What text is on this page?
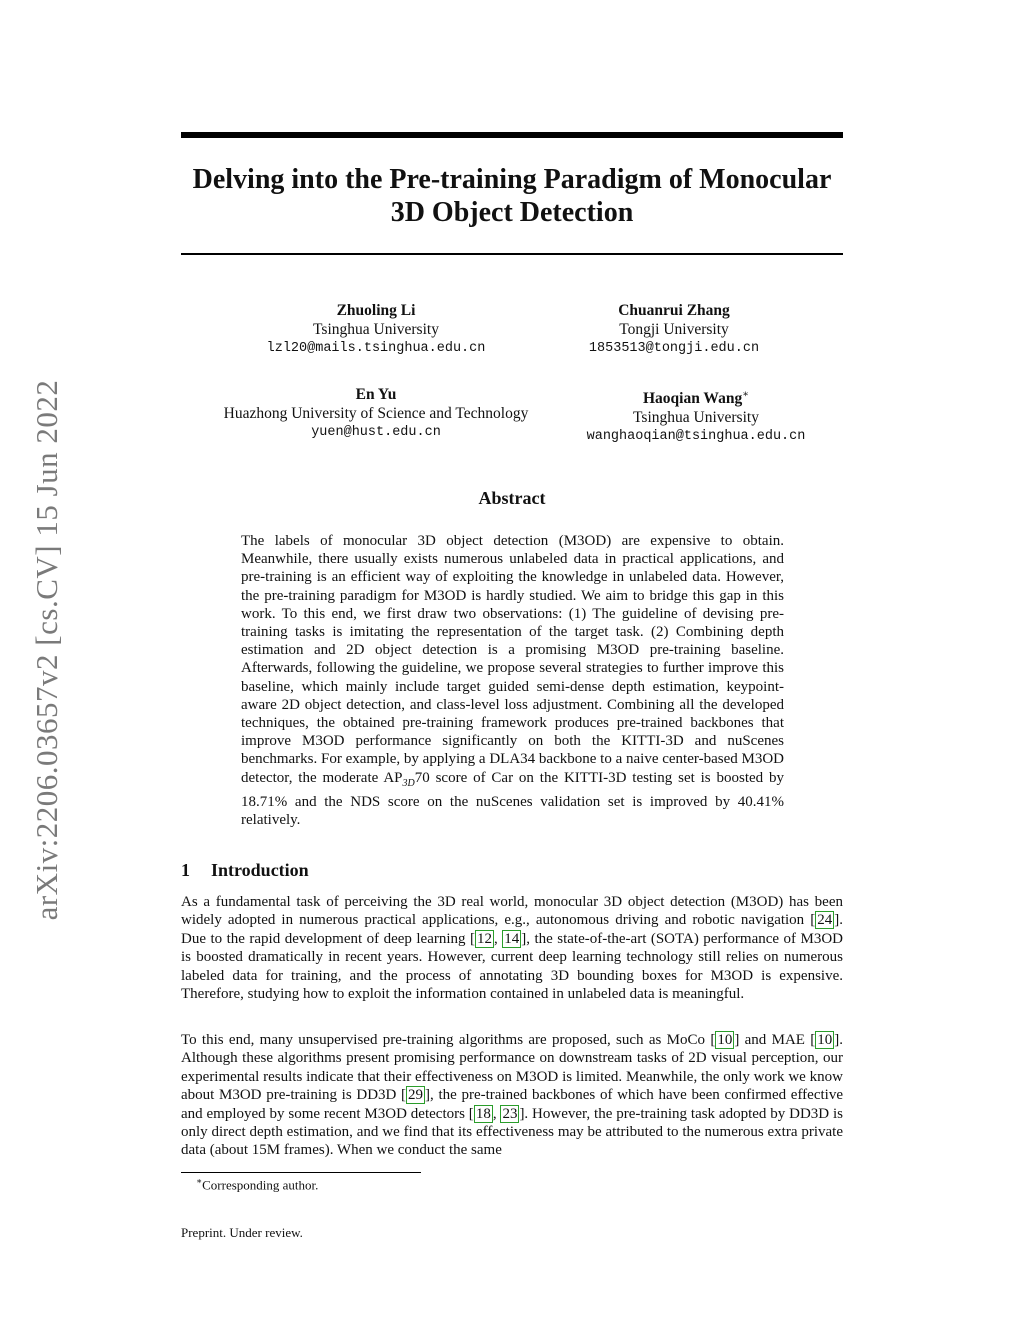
arXiv:2206.03657v2 [cs.CV] 15 Jun 2022
Delving into the Pre-training Paradigm of Monocular
3D Object Detection
Zhuoling Li
Tsinghua University
lzl20@mails.tsinghua.edu.cn
Chuanrui Zhang
Tongji University
1853513@tongji.edu.cn
En Yu
Huazhong University of Science and Technology
yuen@hust.edu.cn
Haoqian Wang∗
Tsinghua University
wanghaoqian@tsinghua.edu.cn
Abstract
The labels of monocular 3D object detection (M3OD) are expensive to obtain. Meanwhile, there usually exists numerous unlabeled data in practical applications, and pre-training is an efficient way of exploiting the knowledge in unlabeled data. However, the pre-training paradigm for M3OD is hardly studied. We aim to bridge this gap in this work. To this end, we first draw two observations: (1) The guideline of devising pre-training tasks is imitating the representation of the target task. (2) Combining depth estimation and 2D object detection is a promising M3OD pre-training baseline. Afterwards, following the guideline, we propose several strategies to further improve this baseline, which mainly include target guided semi-dense depth estimation, keypoint-aware 2D object detection, and class-level loss adjustment. Combining all the developed techniques, the obtained pre-training framework produces pre-trained backbones that improve M3OD performance significantly on both the KITTI-3D and nuScenes benchmarks. For example, by applying a DLA34 backbone to a naive center-based M3OD detector, the moderate $AP_{3D}70$ score of Car on the KITTI-3D testing set is boosted by 18.71% and the NDS score on the nuScenes validation set is improved by 40.41% relatively.
1 Introduction
As a fundamental task of perceiving the 3D real world, monocular 3D object detection (M3OD) has been widely adopted in numerous practical applications, e.g., autonomous driving and robotic navigation [ 24 ]. Due to the rapid development of deep learning [ 12 , 14 ], the state-of-the-art (SOTA) performance of M3OD is boosted dramatically in recent years. However, current deep learning technology still relies on numerous labeled data for training, and the process of annotating 3D bounding boxes for M3OD is expensive. Therefore, studying how to exploit the information contained in unlabeled data is meaningful.
To this end, many unsupervised pre-training algorithms are proposed, such as MoCo [ 10 ] and MAE [ 10 ]. Although these algorithms present promising performance on downstream tasks of 2D visual perception, our experimental results indicate that their effectiveness on M3OD is limited. Meanwhile, the only work we know about M3OD pre-training is DD3D [ 29 ], the pre-trained backbones of which have been confirmed effective and employed by some recent M3OD detectors [ 18 , 23 ]. However, the pre-training task adopted by DD3D is only direct depth estimation, and we find that its effectiveness may be attributed to the numerous extra private data (about 15M frames). When we conduct the same
∗Corresponding author.
Preprint. Under review.
